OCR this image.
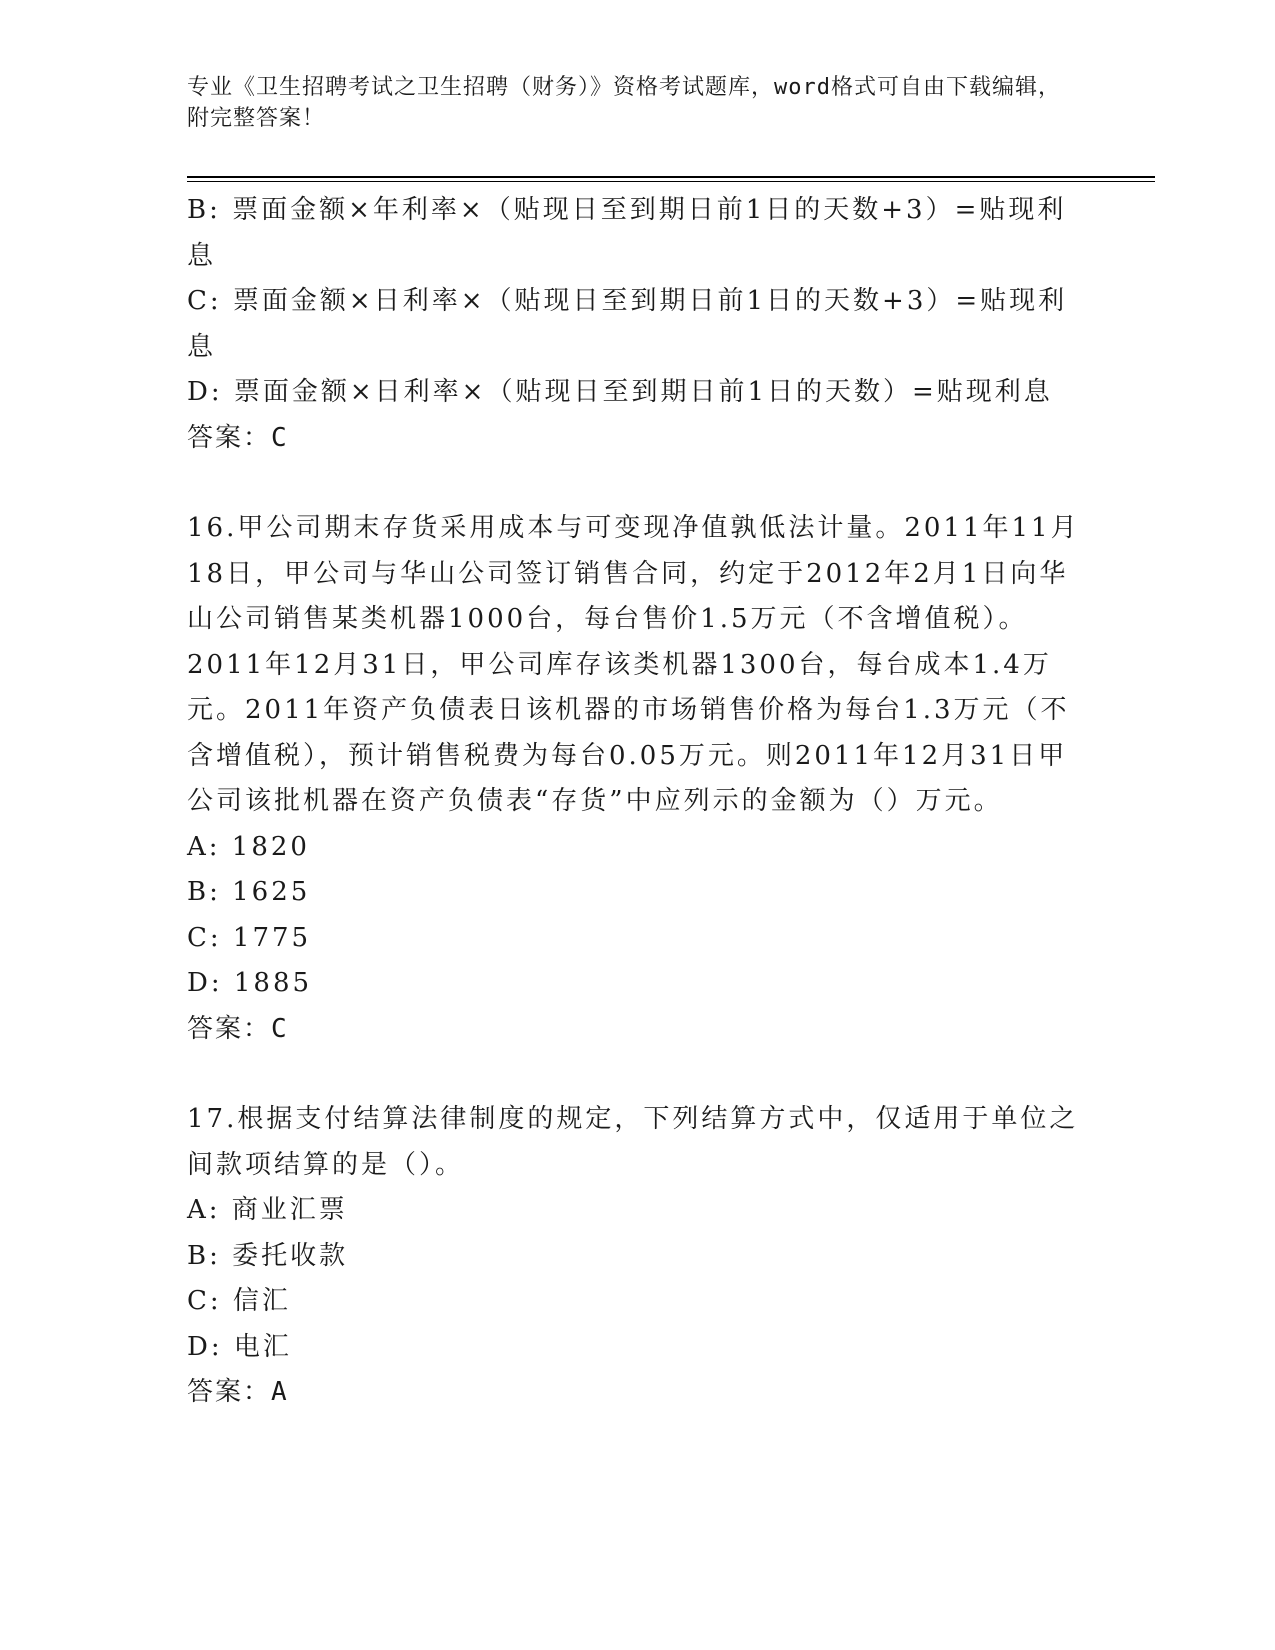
专业《卫生招聘考试之卫生招聘（财务）》资格考试题库，word格式可自由下载编辑，附完整答案！

B: 票面金额×年利率×（贴现日至到期日前1日的天数+3）=贴现利息

C: 票面金额×日利率×（贴现日至到期日前1日的天数+3）=贴现利息

D: 票面金额×日利率×（贴现日至到期日前1日的天数）=贴现利息

答案：C

16.甲公司期末存货采用成本与可变现净值孰低法计量。2011年11月18日，甲公司与华山公司签订销售合同，约定于2012年2月1日向华山公司销售某类机器1000台，每台售价1.5万元（不含增值税）。2011年12月31日，甲公司库存该类机器1300台，每台成本1.4万元。2011年资产负债表日该机器的市场销售价格为每台1.3万元（不含增值税），预计销售税费为每台0.05万元。则2011年12月31日甲公司该批机器在资产负债表“存货”中应列示的金额为（）万元。

A: 1820

B: 1625

C: 1775

D: 1885

答案：C

17.根据支付结算法律制度的规定，下列结算方式中，仅适用于单位之间款项结算的是（）。

A: 商业汇票

B: 委托收款

C: 信汇

D: 电汇

答案：A
